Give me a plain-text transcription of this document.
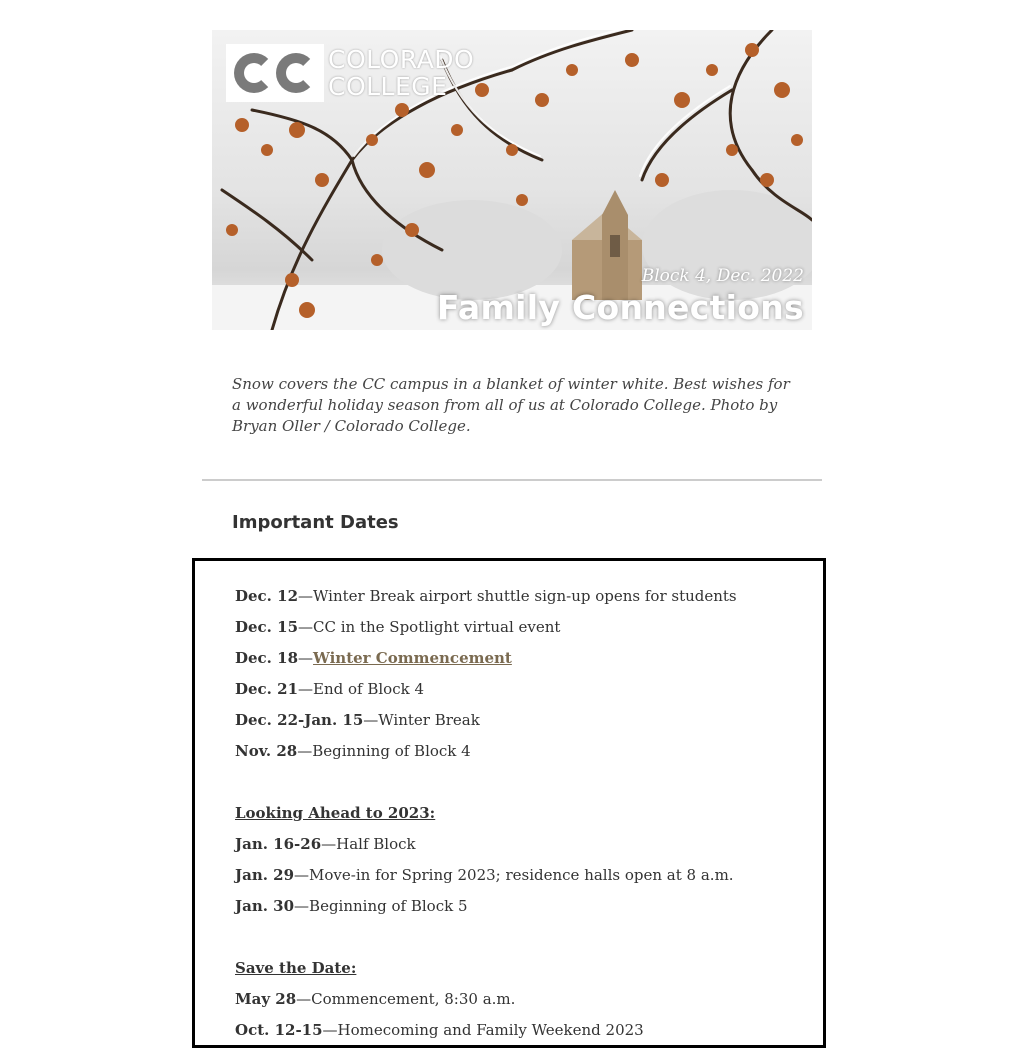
COLORADO
COLLEGE
Block 4, Dec. 2022
Family Connections
Snow covers the CC campus in a blanket of winter white. Best wishes for a wonderful holiday season from all of us at Colorado College. Photo by Bryan Oller / Colorado College.
Important Dates
Dec. 12—Winter Break airport shuttle sign-up opens for students
Dec. 15—CC in the Spotlight virtual event
Dec. 18—Winter Commencement
Dec. 21—End of Block 4
Dec. 22-Jan. 15—Winter Break
Nov. 28—Beginning of Block 4
Looking Ahead to 2023:
Jan. 16-26—Half Block
Jan. 29—Move-in for Spring 2023; residence halls open at 8 a.m.
Jan. 30—Beginning of Block 5
Save the Date:
May 28—Commencement, 8:30 a.m.
Oct. 12-15—Homecoming and Family Weekend 2023
